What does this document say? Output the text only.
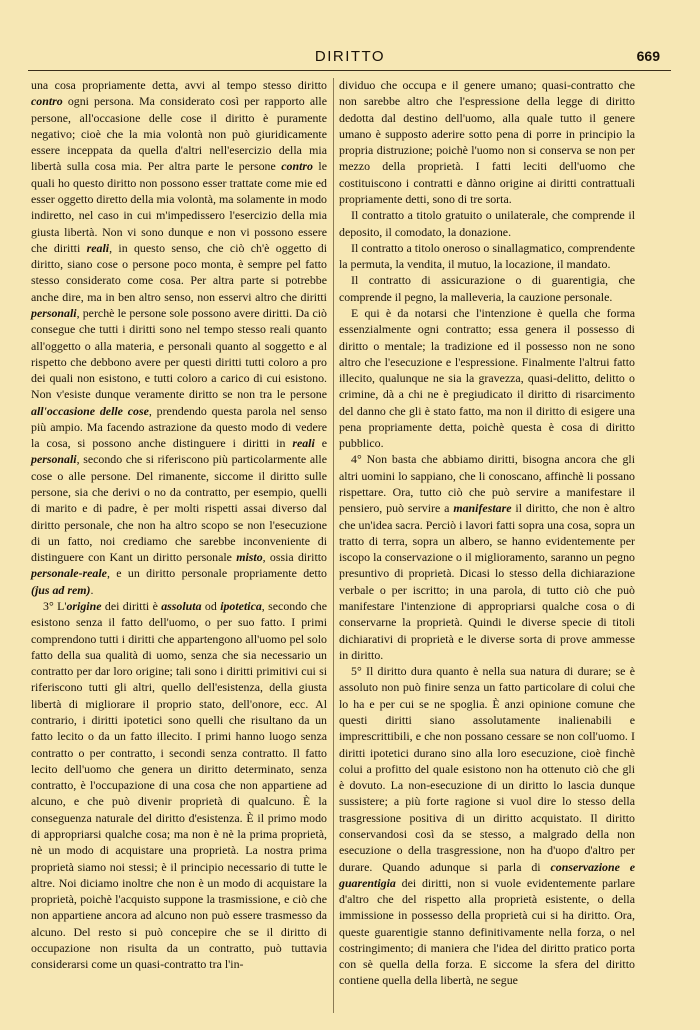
DIRITTO	669

una cosa propriamente detta, avvi al tempo stesso diritto contro ogni persona. Ma considerato così per rapporto alle persone, all'occasione delle cose il diritto è puramente negativo; cioè che la mia volontà non può giuridicamente essere inceppata da quella d'altri nell'esercizio della mia libertà sulla cosa mia. Per altra parte le persone contro le quali ho questo diritto non possono esser trattate come mie ed esser oggetto diretto della mia volontà, ma solamente in modo indiretto, nel caso in cui m'impedissero l'esercizio della mia giusta libertà. Non vi sono dunque e non vi possono essere che diritti reali, in questo senso, che ciò ch'è oggetto di diritto, siano cose o persone poco monta, è sempre pel fatto stesso considerato come cosa. Per altra parte si potrebbe anche dire, ma in ben altro senso, non esservi altro che diritti personali, perchè le persone sole possono avere diritti. Da ciò consegue che tutti i diritti sono nel tempo stesso reali quanto all'oggetto o alla materia, e personali quanto al soggetto e al rispetto che debbono avere per questi diritti tutti coloro a pro dei quali non esistono, e tutti coloro a carico di cui esistono. Non v'esiste dunque veramente diritto se non tra le persone all'occasione delle cose, prendendo questa parola nel senso più ampio. Ma facendo astrazione da questo modo di vedere la cosa, si possono anche distinguere i diritti in reali e personali, secondo che si riferiscono più particolarmente alle cose o alle persone. Del rimanente, siccome il diritto sulle persone, sia che derivi o no da contratto, per esempio, quelli di marito e di padre, è per molti rispetti assai diverso dal diritto personale, che non ha altro scopo se non l'esecuzione di un fatto, noi crediamo che sarebbe inconveniente di distinguere con Kant un diritto personale misto, ossia diritto personale-reale, e un diritto personale propriamente detto (jus ad rem).

3° L'origine dei diritti è assoluta od ipotetica, secondo che esistono senza il fatto dell'uomo, o per suo fatto. I primi comprendono tutti i diritti che appartengono all'uomo pel solo fatto della sua qualità di uomo, senza che sia necessario un contratto per dar loro origine; tali sono i diritti primitivi cui si riferiscono tutti gli altri, quello dell'esistenza, della giusta libertà di migliorare il proprio stato, dell'onore, ecc. Al contrario, i diritti ipotetici sono quelli che risultano da un fatto lecito o da un fatto illecito. I primi hanno luogo senza contratto o per contratto, i secondi senza contratto. Il fatto lecito dell'uomo che genera un diritto determinato, senza contratto, è l'occupazione di una cosa che non appartiene ad alcuno, e che può divenir proprietà di qualcuno. È la conseguenza naturale del diritto d'esistenza. È il primo modo di appropriarsi qualche cosa; ma non è nè la prima proprietà, nè un modo di acquistare una proprietà. La nostra prima proprietà siamo noi stessi; è il principio necessario di tutte le altre. Noi diciamo inoltre che non è un modo di acquistare la proprietà, poichè l'acquisto suppone la trasmissione, e ciò che non appartiene ancora ad alcuno non può essere trasmesso da alcuno. Del resto si può concepire che se il diritto di occupazione non risulta da un contratto, può tuttavia considerarsi come un quasi-contratto tra l'in-

dividuo che occupa e il genere umano; quasi-contratto che non sarebbe altro che l'espressione della legge di diritto dedotta dal destino dell'uomo, alla quale tutto il genere umano è supposto aderire sotto pena di porre in principio la propria distruzione; poichè l'uomo non si conserva se non per mezzo della proprietà. I fatti leciti dell'uomo che costituiscono i contratti e dànno origine ai diritti contrattuali propriamente detti, sono di tre sorta.

Il contratto a titolo gratuito o unilaterale, che comprende il deposito, il comodato, la donazione.

Il contratto a titolo oneroso o sinallagmatico, comprendente la permuta, la vendita, il mutuo, la locazione, il mandato.

Il contratto di assicurazione o di guarentigia, che comprende il pegno, la malleveria, la cauzione personale.

E qui è da notarsi che l'intenzione è quella che forma essenzialmente ogni contratto; essa genera il possesso di diritto o mentale; la tradizione ed il possesso non ne sono altro che l'esecuzione e l'espressione. Finalmente l'altrui fatto illecito, qualunque ne sia la gravezza, quasi-delitto, delitto o crimine, dà a chi ne è pregiudicato il diritto di risarcimento del danno che gli è stato fatto, ma non il diritto di esigere una pena propriamente detta, poichè questa è cosa di diritto pubblico.

4° Non basta che abbiamo diritti, bisogna ancora che gli altri uomini lo sappiano, che li conoscano, affinchè li possano rispettare. Ora, tutto ciò che può servire a manifestare il pensiero, può servire a manifestare il diritto, che non è altro che un'idea sacra. Perciò i lavori fatti sopra una cosa, sopra un tratto di terra, sopra un albero, se hanno evidentemente per iscopo la conservazione o il miglioramento, saranno un pegno presuntivo di proprietà. Dicasi lo stesso della dichiarazione verbale o per iscritto; in una parola, di tutto ciò che può manifestare l'intenzione di appropriarsi qualche cosa o di conservarne la proprietà. Quindi le diverse specie di titoli dichiarativi di proprietà e le diverse sorta di prove ammesse in diritto.

5° Il diritto dura quanto è nella sua natura di durare; se è assoluto non può finire senza un fatto particolare di colui che lo ha e per cui se ne spoglia. È anzi opinione comune che questi diritti siano assolutamente inalienabili e imprescrittibili, e che non possano cessare se non coll'uomo. I diritti ipotetici durano sino alla loro esecuzione, cioè finchè colui a profitto del quale esistono non ha ottenuto ciò che gli è dovuto. La non-esecuzione di un diritto lo lascia dunque sussistere; a più forte ragione si vuol dire lo stesso della trasgressione positiva di un diritto acquistato. Il diritto conservandosi così da se stesso, a malgrado della non esecuzione o della trasgressione, non ha d'uopo d'altro per durare. Quando adunque si parla di conservazione e guarentigia dei diritti, non si vuole evidentemente parlare d'altro che del rispetto alla proprietà esistente, o della immissione in possesso della proprietà cui si ha diritto. Ora, queste guarentigie stanno definitivamente nella forza, o nel costringimento; di maniera che l'idea del diritto pratico porta con sè quella della forza. E siccome la sfera del diritto contiene quella della libertà, ne segue
